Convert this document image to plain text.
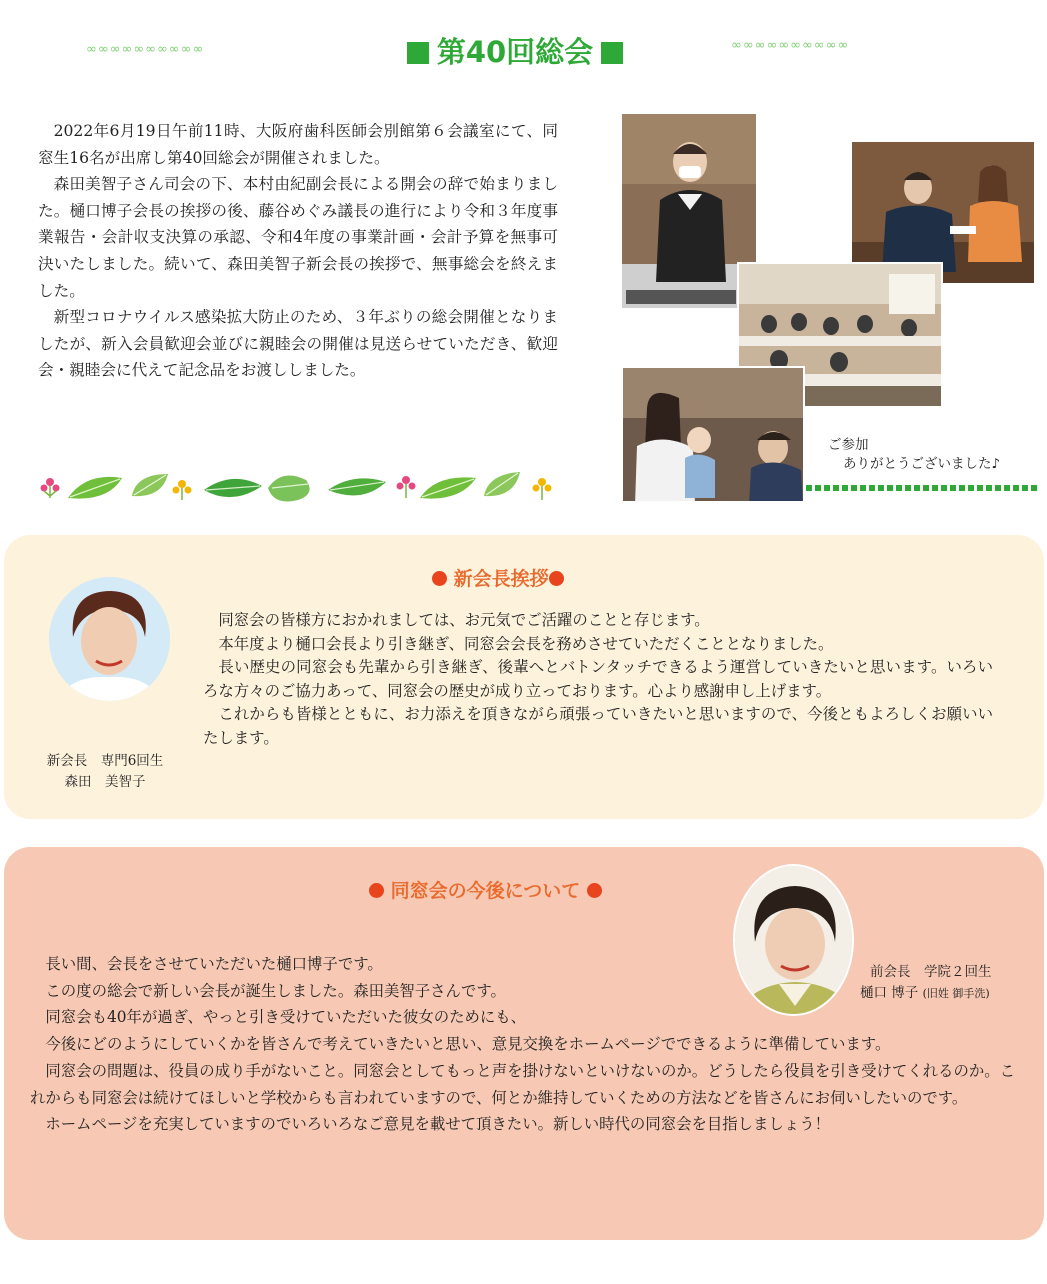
∞∞∞∞∞∞∞∞∞∞	第40回総会	∞∞∞∞∞∞∞∞∞∞

2022年6月19日午前11時、大阪府歯科医師会別館第６会議室にて、同窓生16名が出席し第40回総会が開催されました。

森田美智子さん司会の下、本村由紀副会長による開会の辞で始まりました。樋口博子会長の挨拶の後、藤谷めぐみ議長の進行により令和３年度事業報告・会計収支決算の承認、令和4年度の事業計画・会計予算を無事可決いたしました。続いて、森田美智子新会長の挨拶で、無事総会を終えました。

新型コロナウイルス感染拡大防止のため、３年ぶりの総会開催となりましたが、新入会員歓迎会並びに親睦会の開催は見送らせていただき、歓迎会・親睦会に代えて記念品をお渡ししました。

ご参加
ありがとうございました♪
新会長挨拶
新会長　専門6回生
森田　美智子

同窓会の皆様方におかれましては、お元気でご活躍のことと存じます。

本年度より樋口会長より引き継ぎ、同窓会会長を務めさせていただくこととなりました。

長い歴史の同窓会も先輩から引き継ぎ、後輩へとバトンタッチできるよう運営していきたいと思います。いろいろな方々のご協力あって、同窓会の歴史が成り立っております。心より感謝申し上げます。

これからも皆様とともに、お力添えを頂きながら頑張っていきたいと思いますので、今後ともよろしくお願いいたします。

同窓会の今後について
前会長　学院２回生
樋口 博子 (旧姓 御手洗)

長い間、会長をさせていただいた樋口博子です。

この度の総会で新しい会長が誕生しました。森田美智子さんです。

同窓会も40年が過ぎ、やっと引き受けていただいた彼女のためにも、

今後にどのようにしていくかを皆さんで考えていきたいと思い、意見交換をホームページでできるように準備しています。

同窓会の問題は、役員の成り手がないこと。同窓会としてもっと声を掛けないといけないのか。どうしたら役員を引き受けてくれるのか。これからも同窓会は続けてほしいと学校からも言われていますので、何とか維持していくための方法などを皆さんにお伺いしたいのです。

ホームページを充実していますのでいろいろなご意見を載せて頂きたい。新しい時代の同窓会を目指しましょう！
